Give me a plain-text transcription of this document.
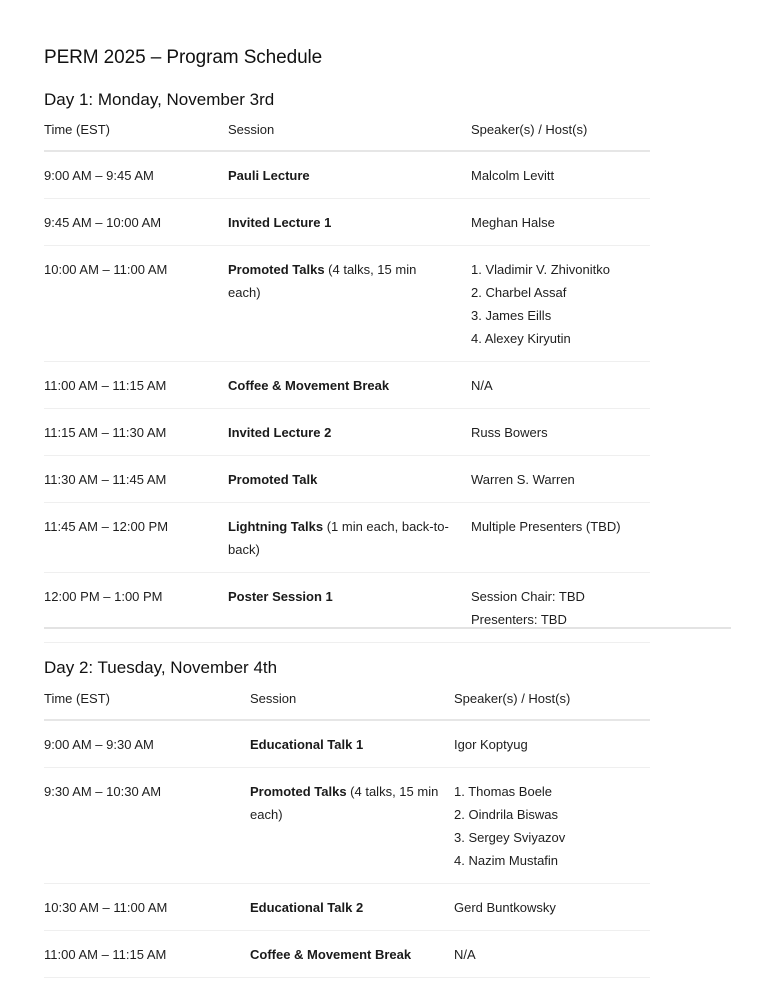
PERM 2025 – Program Schedule
Day 1: Monday, November 3rd
Time (EST)	Session	Speaker(s) / Host(s)
9:00 AM – 9:45 AM	Pauli Lecture	Malcolm Levitt

9:45 AM – 10:00 AM	Invited Lecture 1	Meghan Halse

10:00 AM – 11:00 AM	Promoted Talks (4 talks, 15 min each)	1. Vladimir V. Zhivonitko
2. Charbel Assaf
3. James Eills
4. Alexey Kiryutin

11:00 AM – 11:15 AM	Coffee & Movement Break	N/A

11:15 AM – 11:30 AM	Invited Lecture 2	Russ Bowers

11:30 AM – 11:45 AM	Promoted Talk	Warren S. Warren

11:45 AM – 12:00 PM	Lightning Talks (1 min each, back-to-back)	Multiple Presenters (TBD)

12:00 PM – 1:00 PM	Poster Session 1	Session Chair: TBD
Presenters: TBD
Day 2: Tuesday, November 4th
Time (EST)	Session	Speaker(s) / Host(s)
9:00 AM – 9:30 AM	Educational Talk 1	Igor Koptyug

9:30 AM – 10:30 AM	Promoted Talks (4 talks, 15 min each)	1. Thomas Boele
2. Oindrila Biswas
3. Sergey Sviyazov
4. Nazim Mustafin

10:30 AM – 11:00 AM	Educational Talk 2	Gerd Buntkowsky

11:00 AM – 11:15 AM	Coffee & Movement Break	N/A
